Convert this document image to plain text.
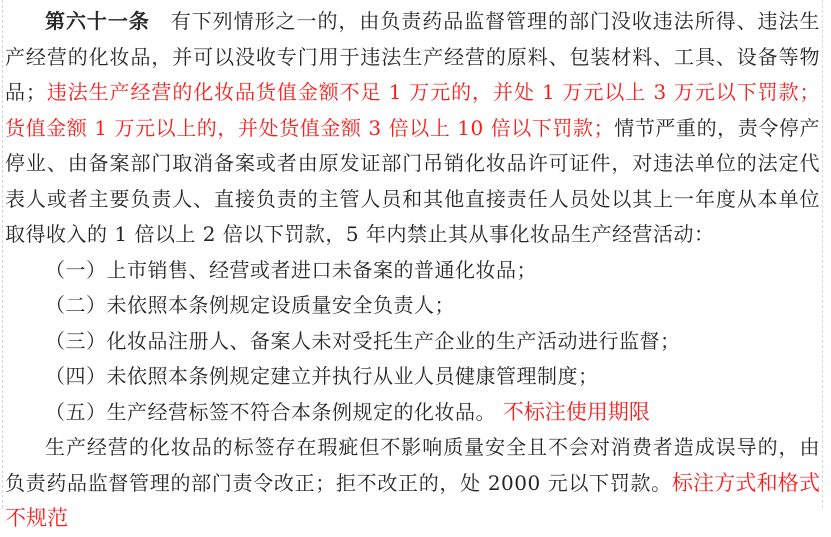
第六十一条　有下列情形之一的，由负责药品监督管理的部门没收违法所得、违法生产经营的化妆品，并可以没收专门用于违法生产经营的原料、包装材料、工具、设备等物品；违法生产经营的化妆品货值金额不足 1 万元的，并处 1 万元以上 3 万元以下罚款；货值金额 1 万元以上的，并处货值金额 3 倍以上 10 倍以下罚款；情节严重的，责令停产停业、由备案部门取消备案或者由原发证部门吊销化妆品许可证件，对违法单位的法定代表人或者主要负责人、直接负责的主管人员和其他直接责任人员处以其上一年度从本单位取得收入的 1 倍以上 2 倍以下罚款，5 年内禁止其从事化妆品生产经营活动：

（一）上市销售、经营或者进口未备案的普通化妆品；

（二）未依照本条例规定设质量安全负责人；

（三）化妆品注册人、备案人未对受托生产企业的生产活动进行监督；

（四）未依照本条例规定建立并执行从业人员健康管理制度；

（五）生产经营标签不符合本条例规定的化妆品。 不标注使用期限

生产经营的化妆品的标签存在瑕疵但不影响质量安全且不会对消费者造成误导的，由负责药品监督管理的部门责令改正；拒不改正的，处 2000 元以下罚款。标注方式和格式不规范
